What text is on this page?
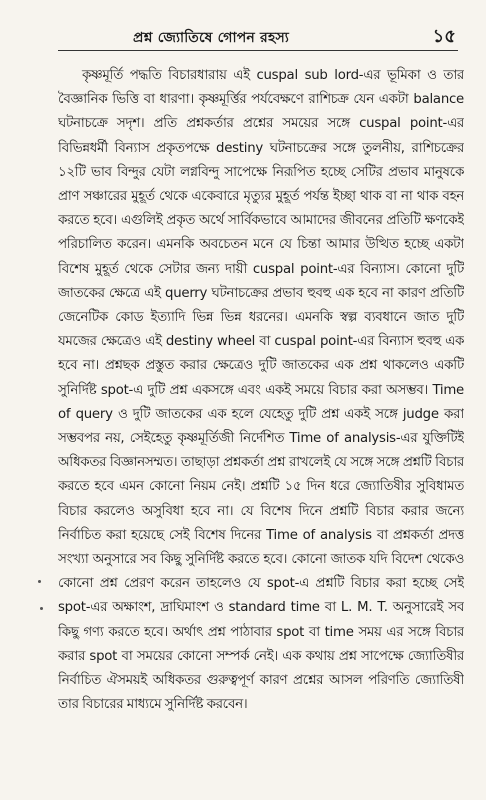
প্রশ্ন জ্যোতিষে গোপন রহস্য	১৫

কৃষ্ণমূর্তি পদ্ধতি বিচারধারায় এই cuspal sub lord-এর ভূমিকা ও তার বৈজ্ঞানিক ভিত্তি বা ধারণা। কৃষ্ণমূর্ত্তির পর্যবেক্ষণে রাশিচক্র যেন একটা balance ঘটনাচক্রে সদৃশ। প্রতি প্রশ্নকর্তার প্রশ্নের সময়ের সঙ্গে cuspal point-এর বিভিন্নধর্মী বিন্যাস প্রকৃতপক্ষে destiny ঘটনাচক্রের সঙ্গে তুলনীয়, রাশিচক্রের ১২টি ভাব বিন্দুর যেটা লগ্নবিন্দু সাপেক্ষে নিরূপিত হচ্ছে সেটির প্রভাব মানুষকে প্রাণ সঞ্চারের মুহূর্ত থেকে একেবারে মৃত্যুর মুহূর্ত পর্যন্ত ইচ্ছা থাক বা না থাক বহন করতে হবে। এগুলিই প্রকৃত অর্থে সার্বিকভাবে আমাদের জীবনের প্রতিটি ক্ষণকেই পরিচালিত করেন। এমনকি অবচেতন মনে যে চিন্তা আমার উত্থিত হচ্ছে একটা বিশেষ মুহূর্ত থেকে সেটার জন্য দায়ী cuspal point-এর বিন্যাস। কোনো দুটি জাতকের ক্ষেত্রে এই querry ঘটনাচক্রের প্রভাব হুবহু এক হবে না কারণ প্রতিটি জেনেটিক কোড ইত্যাদি ভিন্ন ভিন্ন ধরনের। এমনকি স্বল্প ব্যবধানে জাত দুটি যমজের ক্ষেত্রেও এই destiny wheel বা cuspal point-এর বিন্যাস হুবহু এক হবে না। প্রশ্নছক প্রস্তুত করার ক্ষেত্রেও দুটি জাতকের এক প্রশ্ন থাকলেও একটি সুনির্দিষ্ট spot-এ দুটি প্রশ্ন একসঙ্গে এবং একই সময়ে বিচার করা অসম্ভব। Time of query ও দুটি জাতকের এক হলে যেহেতু দুটি প্রশ্ন একই সঙ্গে judge করা সম্ভবপর নয়, সেইহেতু কৃষ্ণমূর্তিজী নির্দেশিত Time of analysis-এর যুক্তিটিই অধিকতর বিজ্ঞানসম্মত। তাছাড়া প্রশ্নকর্তা প্রশ্ন রাখলেই যে সঙ্গে সঙ্গে প্রশ্নটি বিচার করতে হবে এমন কোনো নিয়ম নেই। প্রশ্নটি ১৫ দিন ধরে জ্যোতিষীর সুবিধামত বিচার করলেও অসুবিধা হবে না। যে বিশেষ দিনে প্রশ্নটি বিচার করার জন্যে নির্বাচিত করা হয়েছে সেই বিশেষ দিনের Time of analysis বা প্রশ্নকর্তা প্রদত্ত সংখ্যা অনুসারে সব কিছু সুনির্দিষ্ট করতে হবে। কোনো জাতক যদি বিদেশ থেকেও কোনো প্রশ্ন প্রেরণ করেন তাহলেও যে spot-এ প্রশ্নটি বিচার করা হচ্ছে সেই spot-এর অক্ষাংশ, দ্রাঘিমাংশ ও standard time বা L. M. T. অনুসারেই সব কিছু গণ্য করতে হবে। অর্থাৎ প্রশ্ন পাঠাবার spot বা time সময় এর সঙ্গে বিচার করার spot বা সময়ের কোনো সম্পর্ক নেই। এক কথায় প্রশ্ন সাপেক্ষে জ্যোতিষীর নির্বাচিত ঐসময়ই অধিকতর গুরুত্বপূর্ণ কারণ প্রশ্নের আসল পরিণতি জ্যোতিষী তার বিচারের মাধ্যমে সুনির্দিষ্ট করবেন।
